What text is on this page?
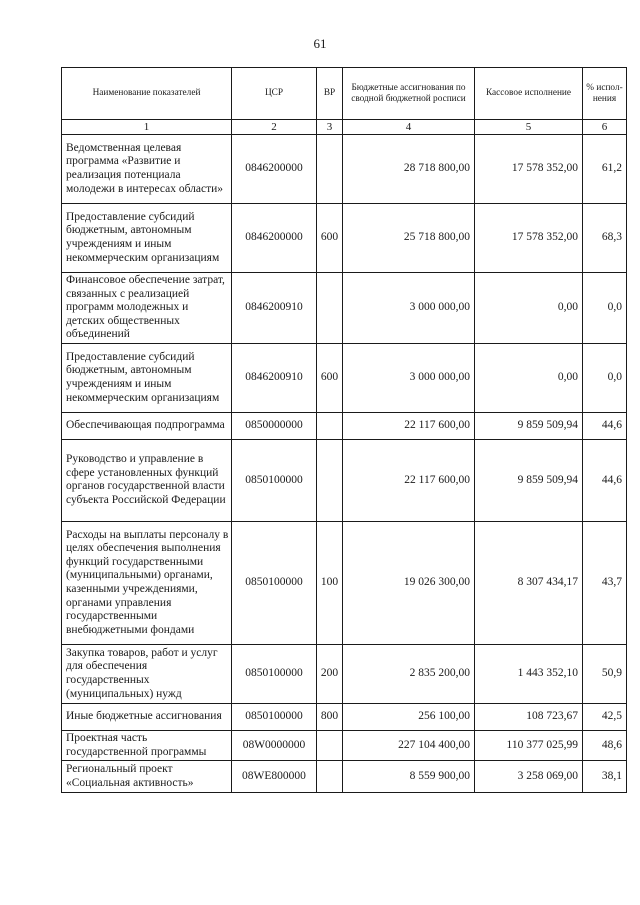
61
Наименование показателей	ЦСР	ВР	Бюджетные ассигнования по сводной бюджетной росписи	Кассовое исполнение	% испол-нения
1	2	3	4	5	6
Ведомственная целевая программа «Развитие и реализация потенциала молодежи в интересах области»	0846200000		28 718 800,00	17 578 352,00	61,2
Предоставление субсидий бюджетным, автономным учреждениям и иным некоммерческим организациям	0846200000	600	25 718 800,00	17 578 352,00	68,3
Финансовое обеспечение затрат, связанных с реализацией программ молодежных и детских общественных объединений	0846200910		3 000 000,00	0,00	0,0
Предоставление субсидий бюджетным, автономным учреждениям и иным некоммерческим организациям	0846200910	600	3 000 000,00	0,00	0,0
Обеспечивающая подпрограмма	0850000000		22 117 600,00	9 859 509,94	44,6
Руководство и управление в сфере установленных функций органов государственной власти субъекта Российской Федерации	0850100000		22 117 600,00	9 859 509,94	44,6
Расходы на выплаты персоналу в целях обеспечения выполнения функций государственными (муниципальными) органами, казенными учреждениями, органами управления государственными внебюджетными фондами	0850100000	100	19 026 300,00	8 307 434,17	43,7
Закупка товаров, работ и услуг для обеспечения государственных (муниципальных) нужд	0850100000	200	2 835 200,00	1 443 352,10	50,9
Иные бюджетные ассигнования	0850100000	800	256 100,00	108 723,67	42,5
Проектная часть государственной программы	08W0000000		227 104 400,00	110 377 025,99	48,6
Региональный проект «Социальная активность»	08WE800000		8 559 900,00	3 258 069,00	38,1
